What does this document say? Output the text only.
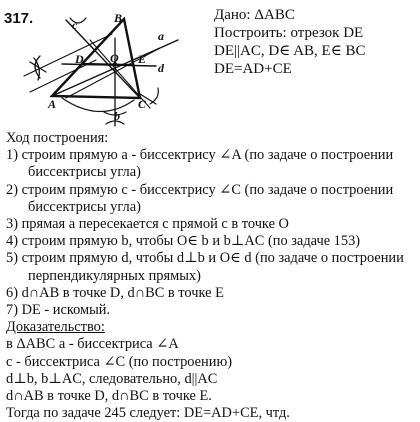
317.
a
B
c
D O E
d
A	C
b
Дано: ΔABC
Построить: отрезок DE
DE||AC, D∈ AB, E∈ BC
DE=AD+CE
Ход построения:
1) строим прямую а - биссектрису ∠A (по задаче о построении
биссектрисы угла)
2) строим прямую с - биссектрису ∠C (по задаче о построении
биссектрисы угла)
3) прямая a пересекается с прямой с в точке O
4) строим прямую b, чтобы O∈ b и b⊥AC (по задаче 153)
5) строим прямую d, чтобы d⊥b и O∈ d (по задаче о построении
перпендикулярных прямых)
6) d∩AB в точке D, d∩BC в точке E
7) DE - искомый.
Доказательство:
в ΔABC a - биссектриса ∠A
с - биссектриса ∠C (по построению)
d⊥b, b⊥AC, следовательно, d||AC
d∩AB в точке D, d∩BC в точке E.
Тогда по задаче 245 следует: DE=AD+CE, чтд.
